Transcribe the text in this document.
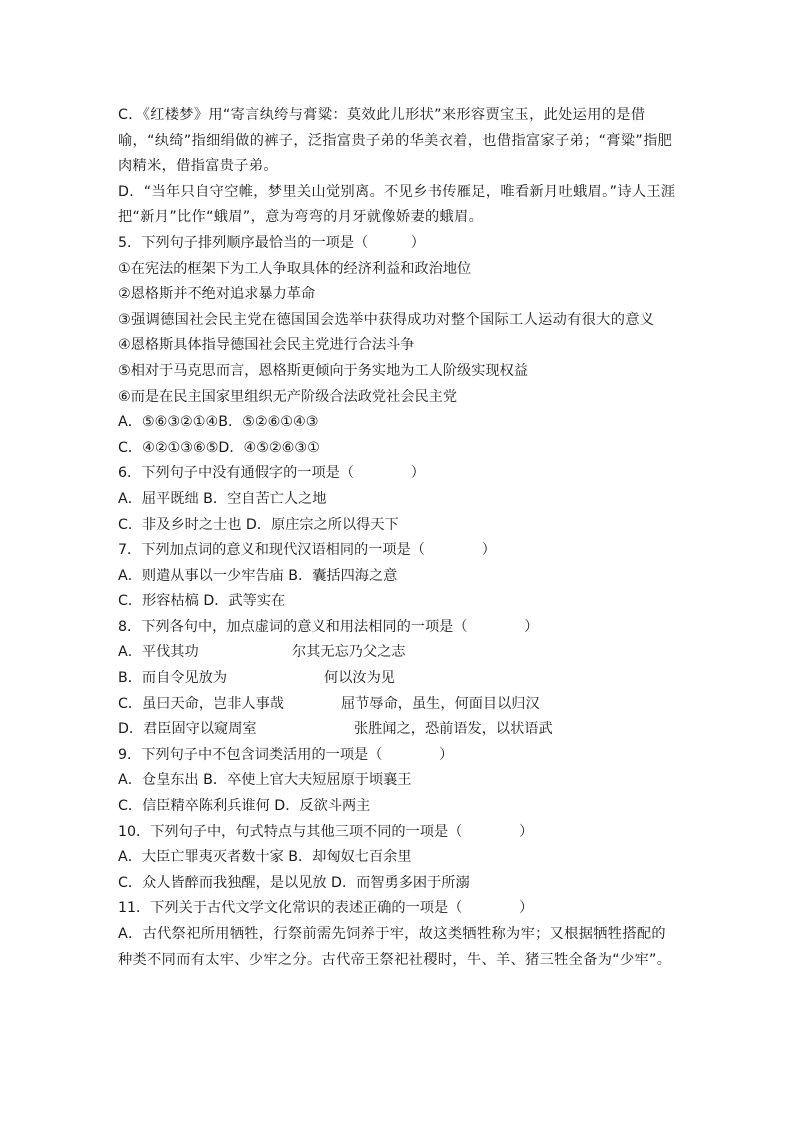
C．《红楼梦》用“寄言纨绔与膏粱：莫效此儿形状”来形容贾宝玉，此处运用的是借喻，“纨绮”指细绢做的裤子，泛指富贵子弟的华美衣着，也借指富家子弟；“膏粱”指肥肉精米，借指富贵子弟。
D．“当年只自守空帷，梦里关山觉别离。不见乡书传雁足，唯看新月吐蛾眉。”诗人王涯把“新月”比作“蛾眉”，意为弯弯的月牙就像娇妻的蛾眉。
5．下列句子排列顺序最恰当的一项是（　　　）
①在宪法的框架下为工人争取具体的经济利益和政治地位
②恩格斯并不绝对追求暴力革命
③强调德国社会民主党在德国国会选举中获得成功对整个国际工人运动有很大的意义
④恩格斯具体指导德国社会民主党进行合法斗争
⑤相对于马克思而言，恩格斯更倾向于务实地为工人阶级实现权益
⑥而是在民主国家里组织无产阶级合法政党社会民主党
A．⑤⑥③②①④B．⑤②⑥①④③
C．④②①③⑥⑤D．④⑤②⑥③①
6．下列句子中没有通假字的一项是（　　　　）
A．屈平既绌 B．空自苦亡人之地
C．非及乡时之士也 D．原庄宗之所以得天下
7．下列加点词的意义和现代汉语相同的一项是（　　　　）
A．则遣从事以一少牢告庙 B．囊括四海之意
C．形容枯槁 D．武等实在
8．下列各句中，加点虚词的意义和用法相同的一项是（　　　　）
A．平伐其功	尔其无忘乃父之志
B．而自令见放为	何以汝为见
C．虽曰天命，岂非人事哉	屈节辱命，虽生，何面目以归汉
D．君臣固守以窥周室	张胜闻之，恐前语发，以状语武
9．下列句子中不包含词类活用的一项是（　　　　）
A．仓皇东出 B．卒使上官大夫短屈原于顷襄王
C．信臣精卒陈利兵谁何 D．反欲斗两主
10．下列句子中，句式特点与其他三项不同的一项是（　　　　）
A．大臣亡罪夷灭者数十家 B．却匈奴七百余里
C．众人皆醉而我独醒，是以见放 D．而智勇多困于所溺
11．下列关于古代文学文化常识的表述正确的一项是（　　　　）
A．古代祭祀所用牺牲，行祭前需先饲养于牢，故这类牺牲称为牢；又根据牺牲搭配的种类不同而有太牢、少牢之分。古代帝王祭祀社稷时，牛、羊、猪三牲全备为“少牢”。
